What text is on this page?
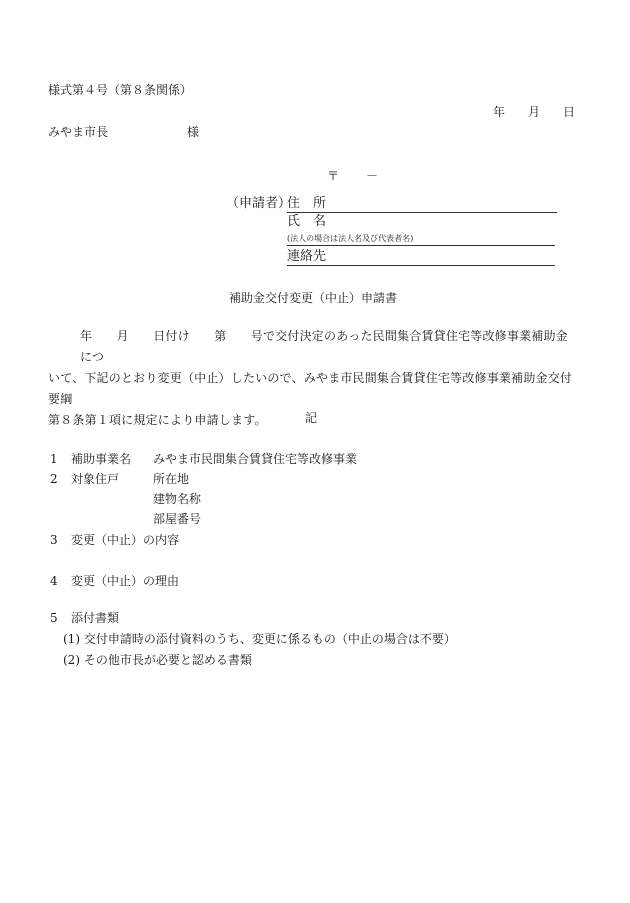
様式第４号（第８条関係）
年 月 日
みやま市長	様
〒 －
（申請者）
住　所
氏　名
(法人の場合は法人名及び代表者名)
連絡先
補助金交付変更（中止）申請書
年　　月　　日付け　　第　　号で交付決定のあった民間集合賃貸住宅等改修事業補助金につ
いて、下記のとおり変更（中止）したいので、みやま市民間集合賃貸住宅等改修事業補助金交付要綱
第８条第１項に規定により申請します。	記
1 補助事業名 みやま市民間集合賃貸住宅等改修事業
2 対象住戸	所在地
建物名称
部屋番号
3 変更（中止）の内容
4 変更（中止）の理由
5 添付書類
(1) 交付申請時の添付資料のうち、変更に係るもの（中止の場合は不要）
(2) その他市長が必要と認める書類
